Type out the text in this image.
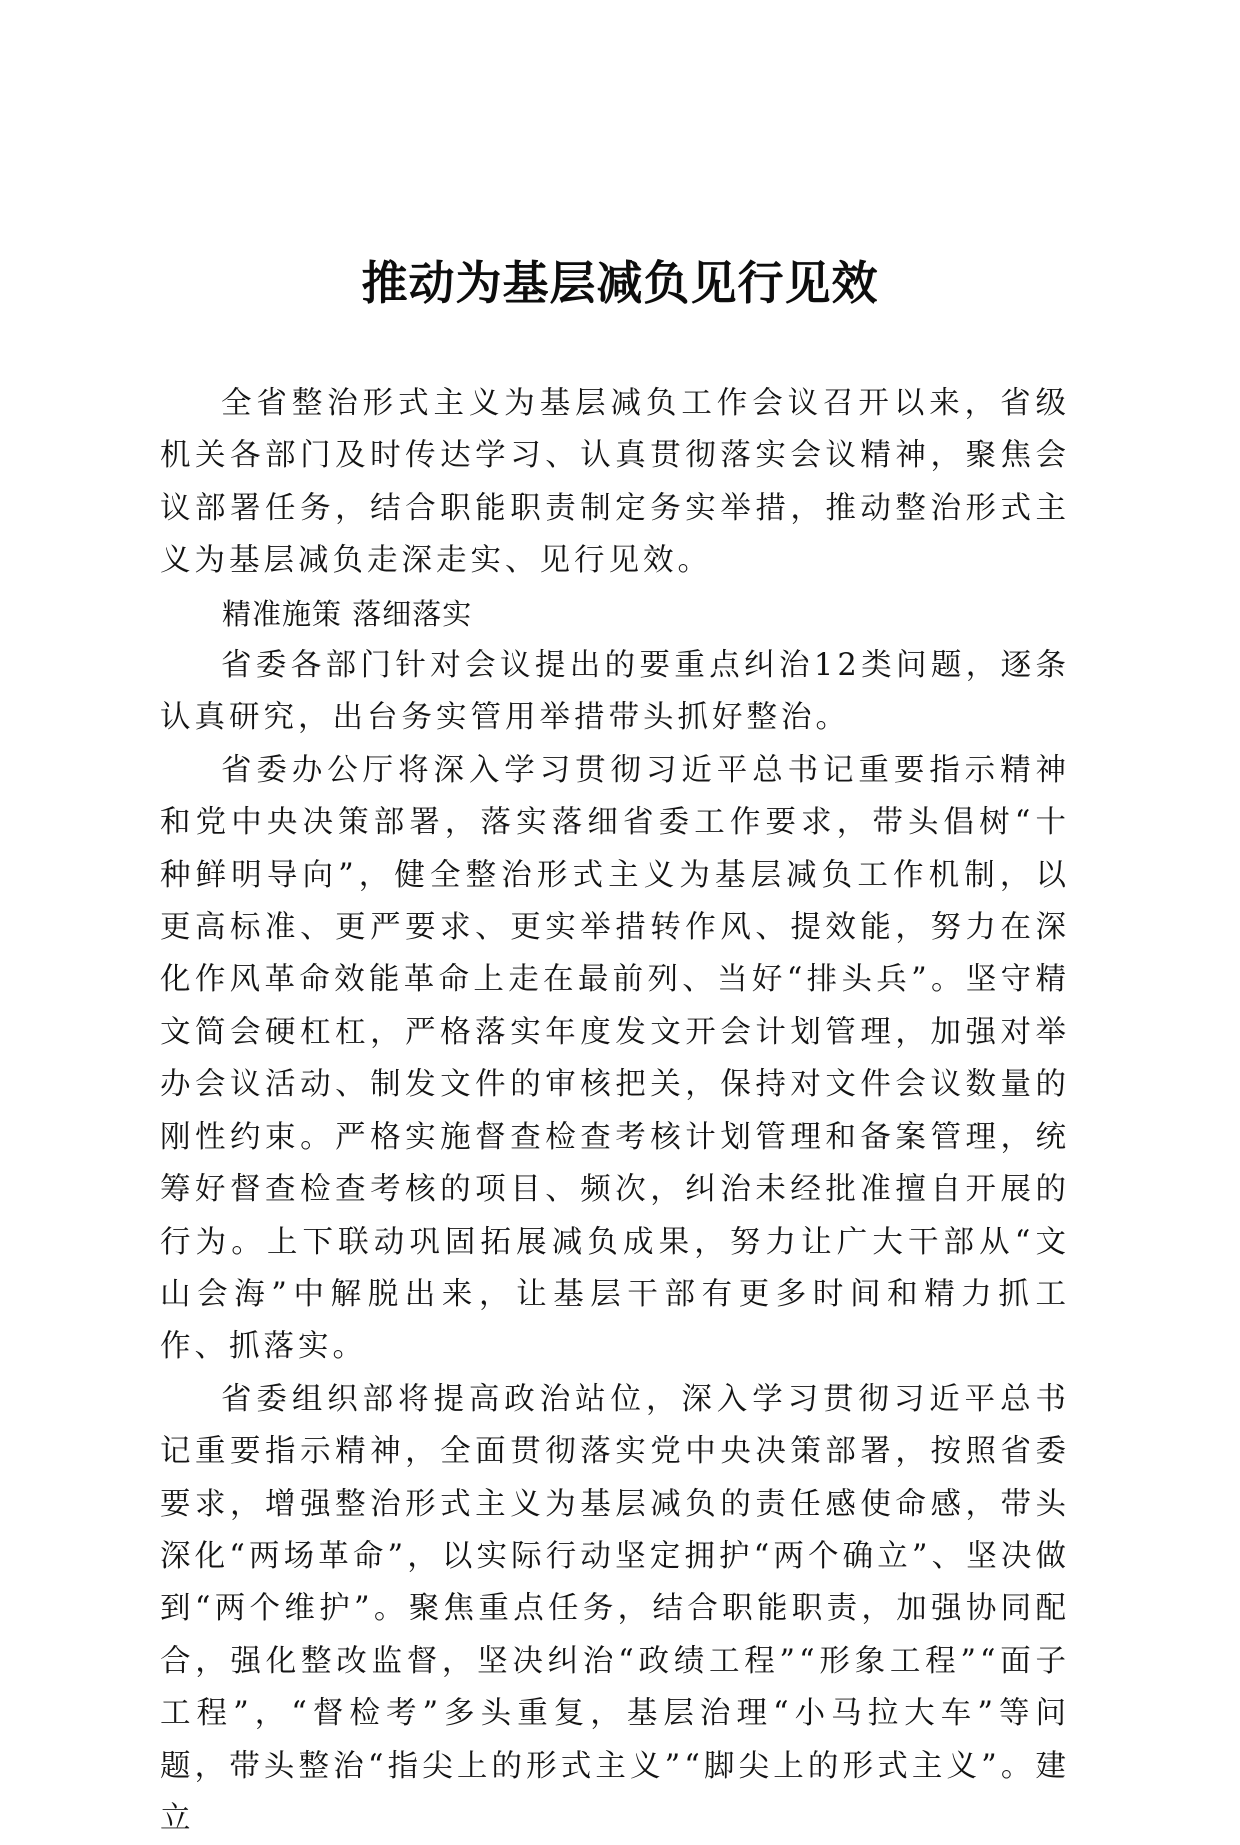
推动为基层减负见行见效

全省整治形式主义为基层减负工作会议召开以来，省级机关各部门及时传达学习、认真贯彻落实会议精神，聚焦会议部署任务，结合职能职责制定务实举措，推动整治形式主义为基层减负走深走实、见行见效。

精准施策 落细落实

省委各部门针对会议提出的要重点纠治12类问题，逐条认真研究，出台务实管用举措带头抓好整治。

省委办公厅将深入学习贯彻习近平总书记重要指示精神和党中央决策部署，落实落细省委工作要求，带头倡树“十种鲜明导向”，健全整治形式主义为基层减负工作机制，以更高标准、更严要求、更实举措转作风、提效能，努力在深化作风革命效能革命上走在最前列、当好“排头兵”。坚守精文简会硬杠杠，严格落实年度发文开会计划管理，加强对举办会议活动、制发文件的审核把关，保持对文件会议数量的刚性约束。严格实施督查检查考核计划管理和备案管理，统筹好督查检查考核的项目、频次，纠治未经批准擅自开展的行为。上下联动巩固拓展减负成果，努力让广大干部从“文山会海”中解脱出来，让基层干部有更多时间和精力抓工作、抓落实。

省委组织部将提高政治站位，深入学习贯彻习近平总书记重要指示精神，全面贯彻落实党中央决策部署，按照省委要求，增强整治形式主义为基层减负的责任感使命感，带头深化“两场革命”，以实际行动坚定拥护“两个确立”、坚决做到“两个维护”。聚焦重点任务，结合职能职责，加强协同配合，强化整改监督，坚决纠治“政绩工程”“形象工程”“面子工程”，“督检考”多头重复，基层治理“小马拉大车”等问题，带头整治“指尖上的形式主义”“脚尖上的形式主义”。建立
